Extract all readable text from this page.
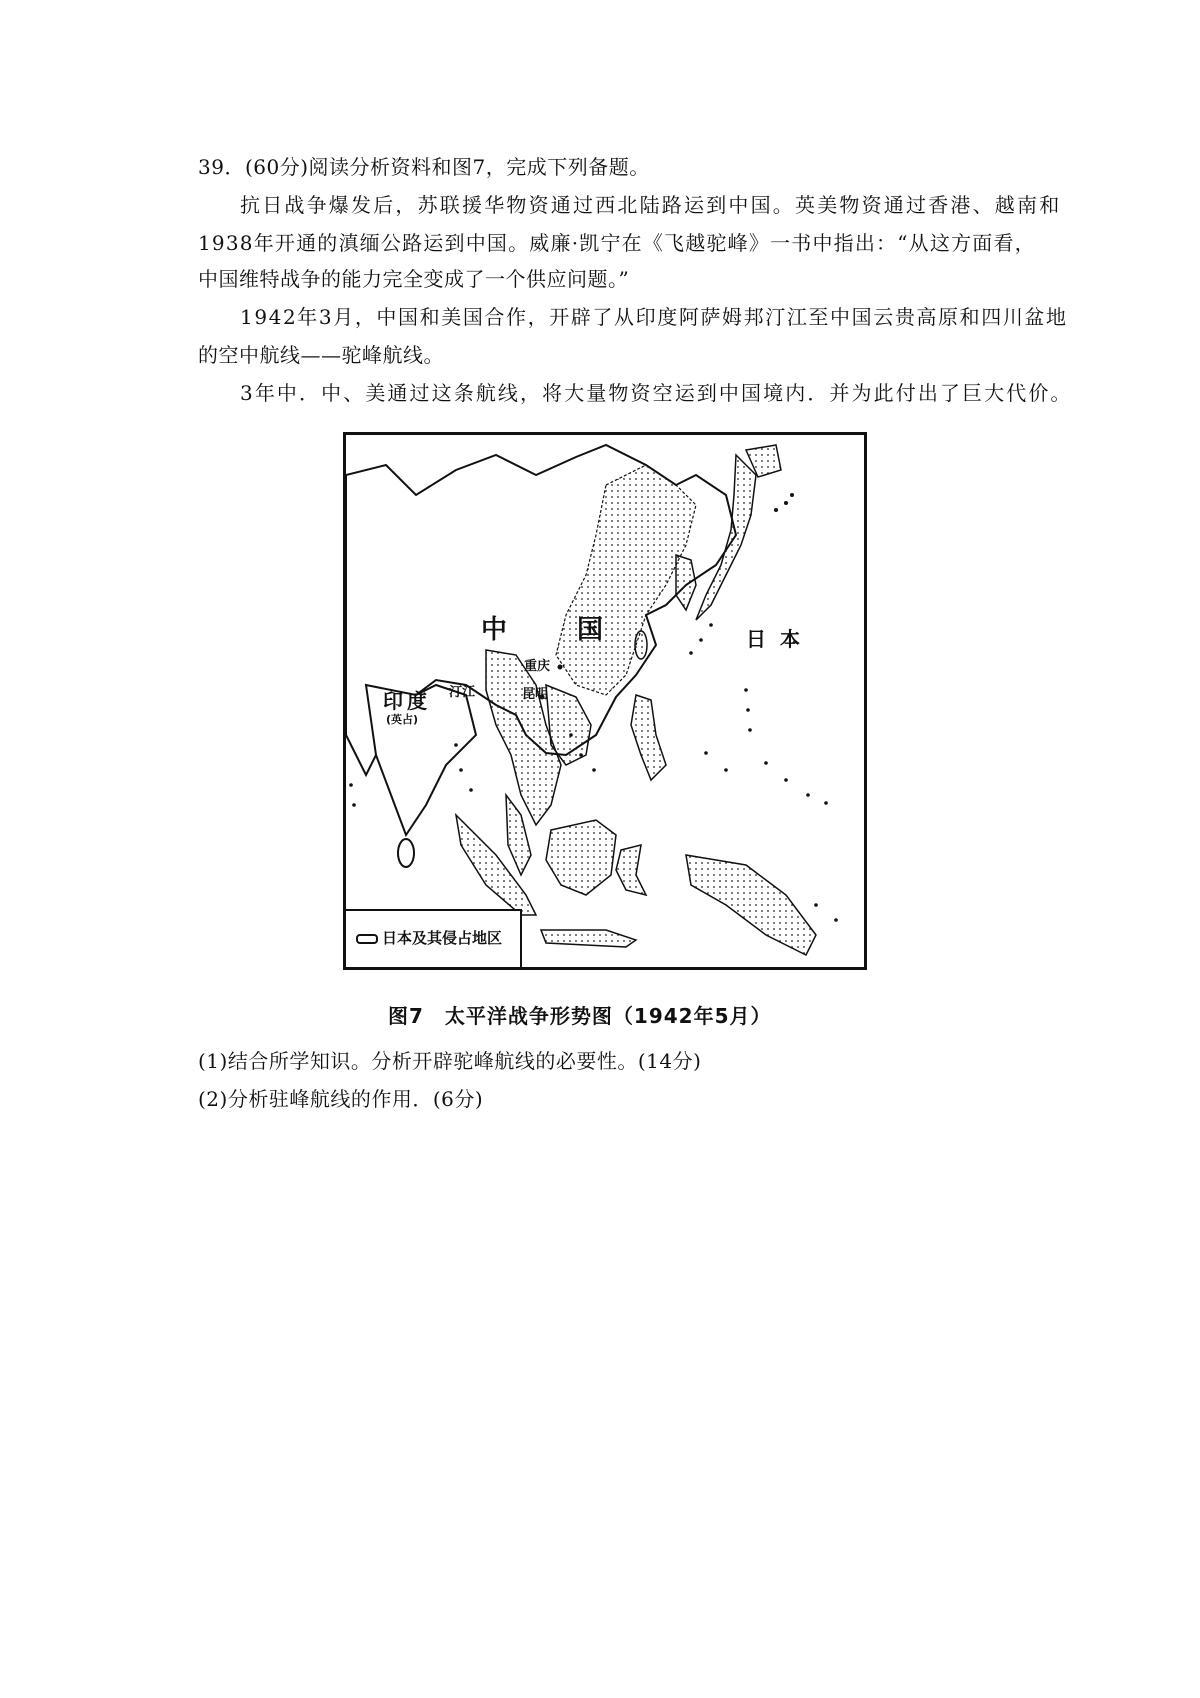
39．(60分)阅读分析资料和图7，完成下列备题。
抗日战争爆发后，苏联援华物资通过西北陆路运到中国。英美物资通过香港、越南和
1938年开通的滇缅公路运到中国。威廉·凯宁在《飞越驼峰》一书中指出：“从这方面看，
中国维特战争的能力完全变成了一个供应问题。”
1942年3月，中国和美国合作，开辟了从印度阿萨姆邦汀江至中国云贵高原和四川盆地
的空中航线——驼峰航线。
3年中．中、美通过这条航线，将大量物资空运到中国境内．并为此付出了巨大代价。
中国	日本
印度
(英占)
汀江
重庆
昆明
日本及其侵占地区
图7　太平洋战争形势图（1942年5月）
(1)结合所学知识。分析开辟驼峰航线的必要性。(14分)
(2)分析驻峰航线的作用．(6分)
